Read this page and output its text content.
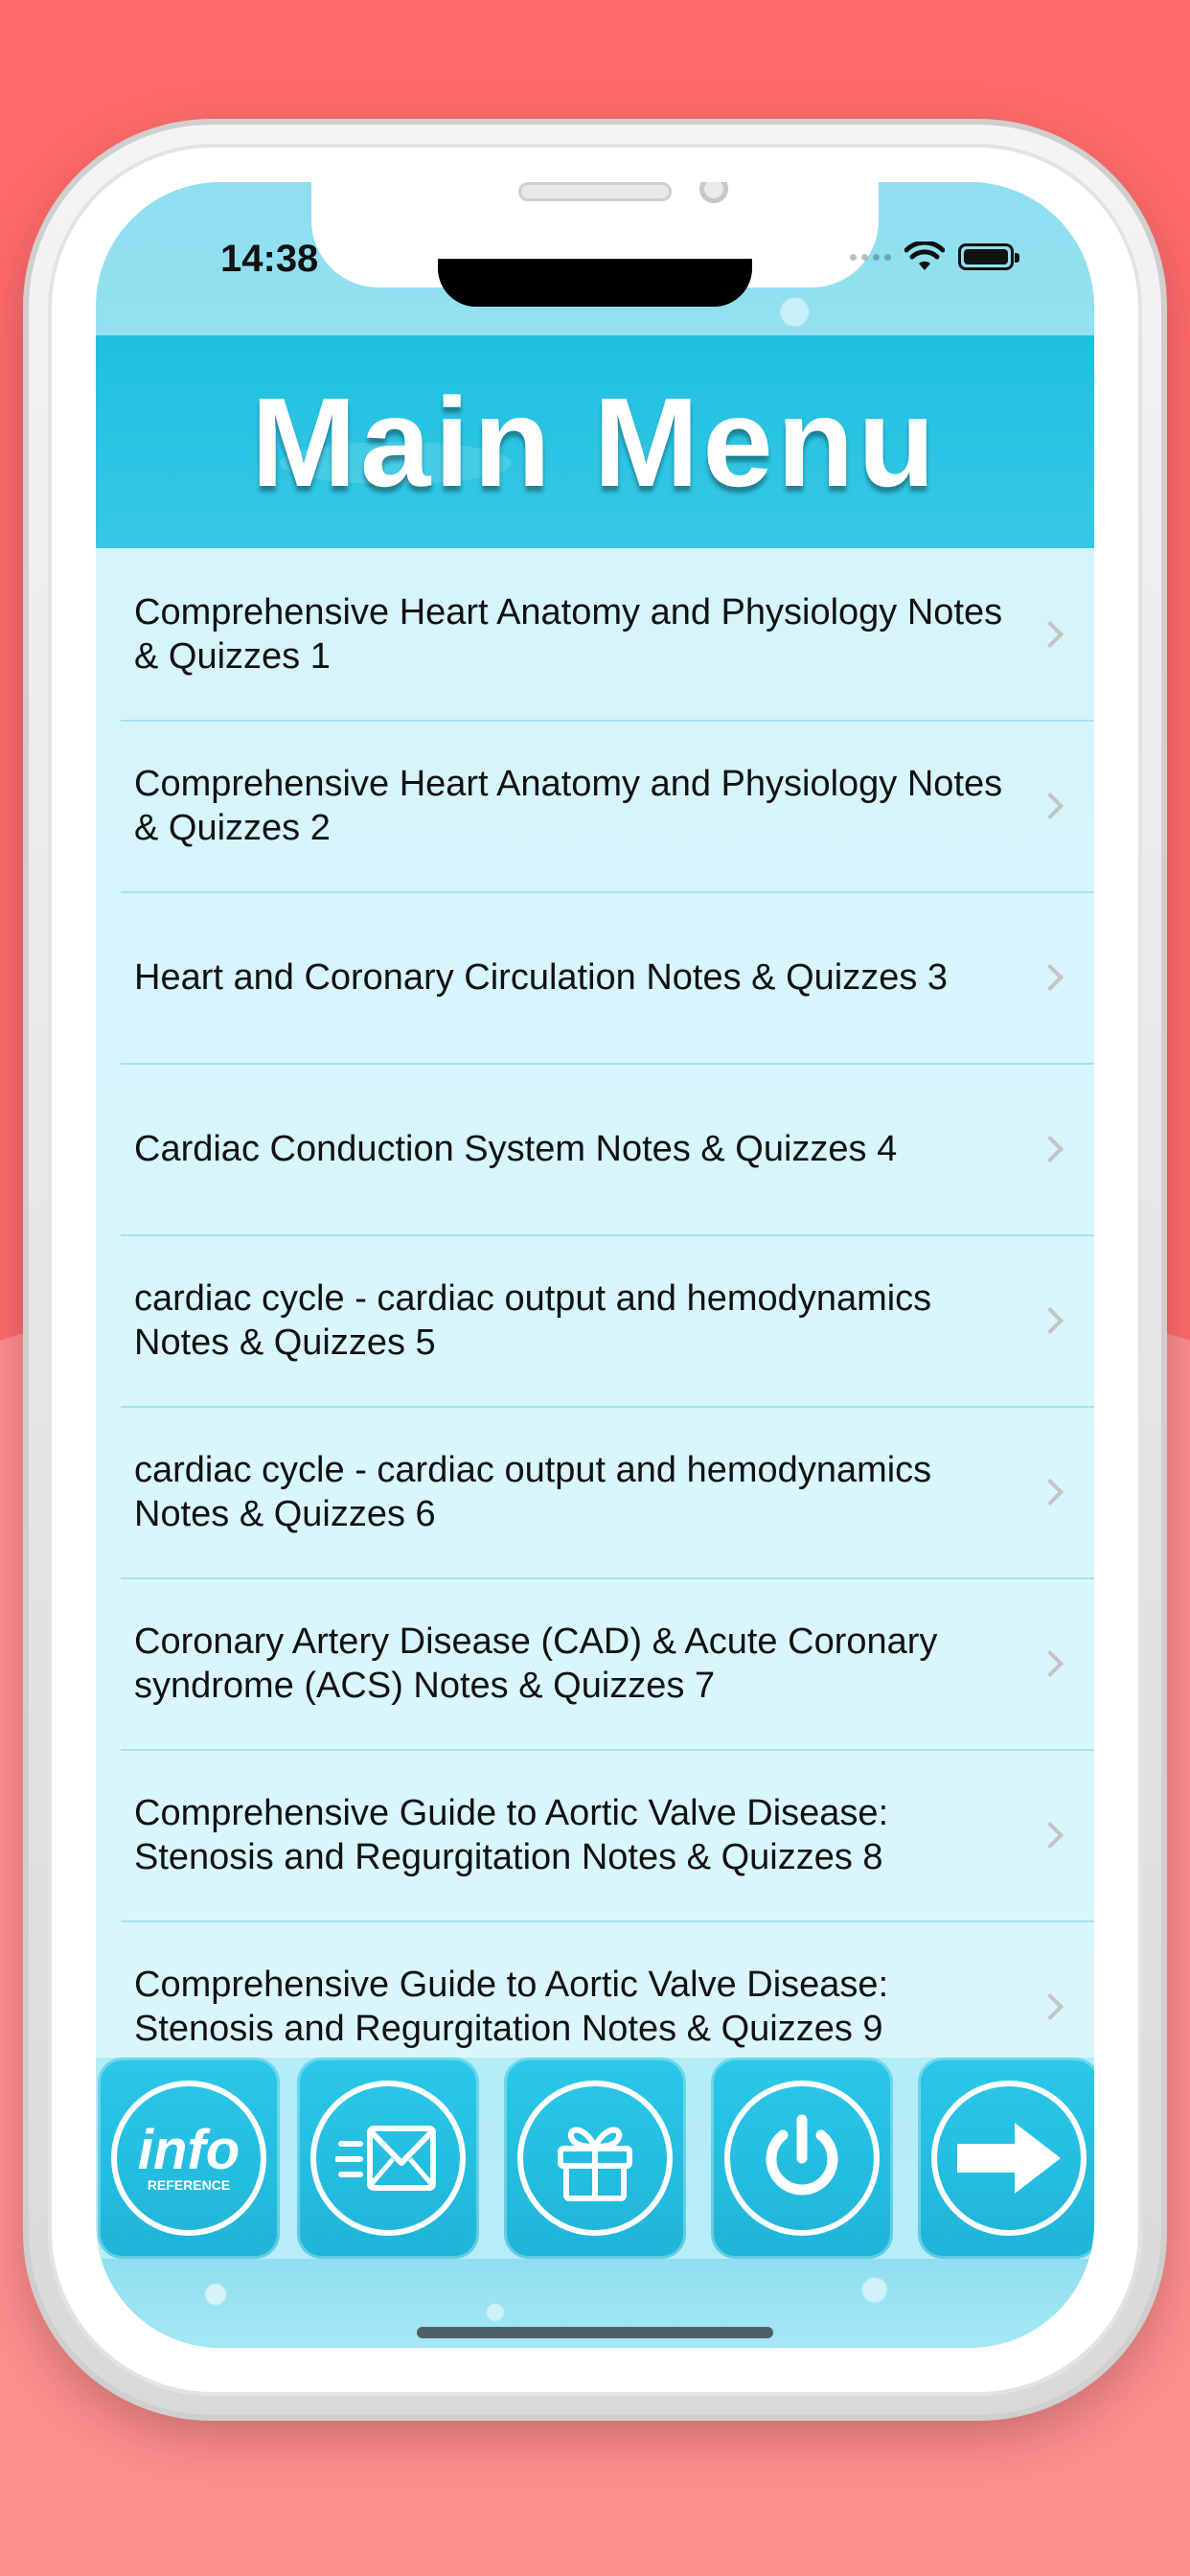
14:38
Main Menu
Comprehensive Heart Anatomy and Physiology Notes & Quizzes 1
Comprehensive Heart Anatomy and Physiology Notes & Quizzes 2
Heart and Coronary Circulation Notes & Quizzes 3
Cardiac Conduction System Notes & Quizzes 4
cardiac cycle - cardiac output and hemodynamics Notes & Quizzes 5
cardiac cycle - cardiac output and hemodynamics Notes & Quizzes 6
Coronary Artery Disease (CAD) & Acute Coronary syndrome (ACS) Notes & Quizzes 7
Comprehensive Guide to Aortic Valve Disease: Stenosis and Regurgitation Notes & Quizzes 8
Comprehensive Guide to Aortic Valve Disease: Stenosis and Regurgitation Notes & Quizzes 9
info
REFERENCE
